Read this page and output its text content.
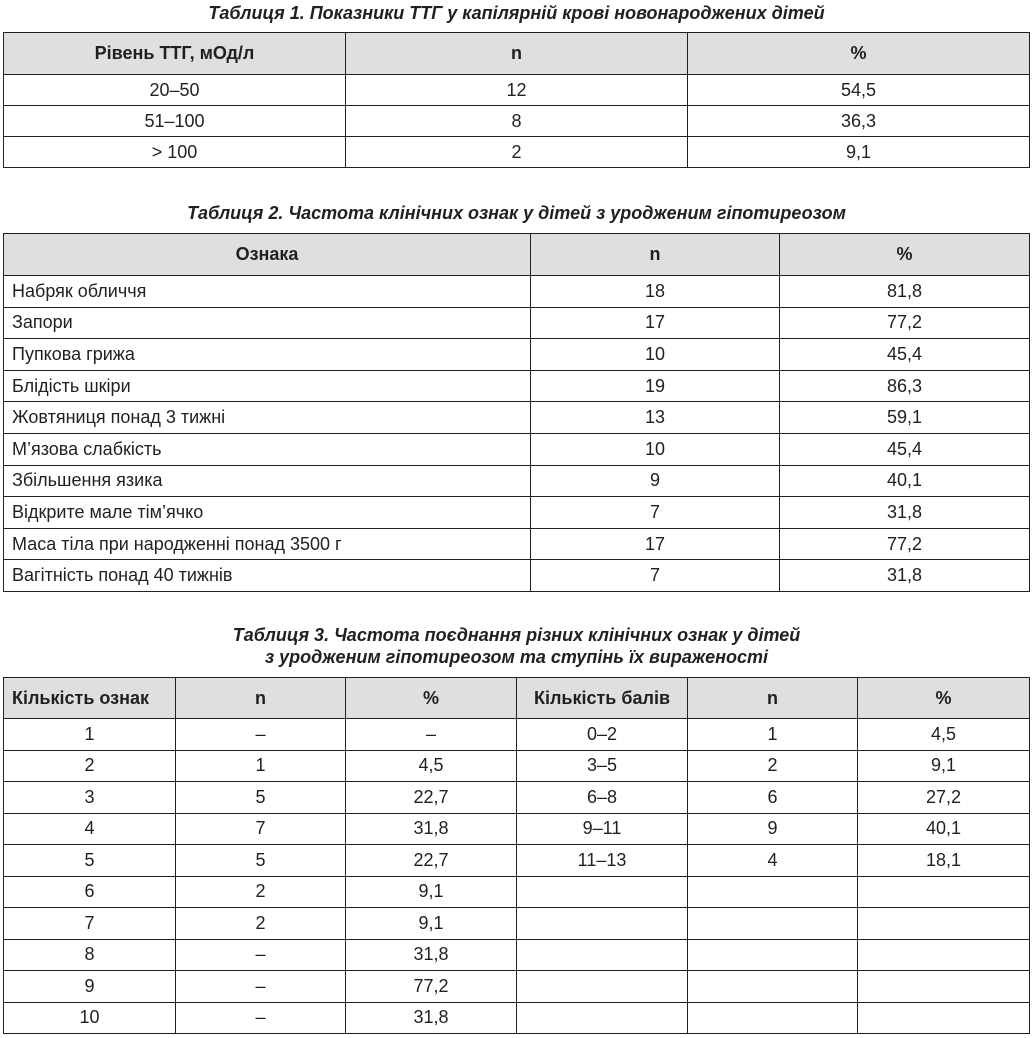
Таблиця 1. Показники ТТГ у капілярній крові новонароджених дітей

Рівень ТТГ, мОд/л	n	%
20–50	12	54,5
51–100	8	36,3
> 100	2	9,1

Таблиця 2. Частота клінічних ознак у дітей з уродженим гіпотиреозом

Ознака	n	%
Набряк обличчя	18	81,8
Запори	17	77,2
Пупкова грижа	10	45,4
Блідість шкіри	19	86,3
Жовтяниця понад 3 тижні	13	59,1
М’язова слабкість	10	45,4
Збільшення язика	9	40,1
Відкрите мале тім’ячко	7	31,8
Маса тіла при народженні понад 3500 г	17	77,2
Вагітність понад 40 тижнів	7	31,8

Таблиця 3. Частота поєднання різних клінічних ознак у дітей

з уродженим гіпотиреозом та ступінь їх вираженості

Кількість ознак	n	%	Кількість балів	n	%
1	–	–	0–2	1	4,5
2	1	4,5	3–5	2	9,1
3	5	22,7	6–8	6	27,2
4	7	31,8	9–11	9	40,1
5	5	22,7	11–13	4	18,1
6	2	9,1			
7	2	9,1			
8	–	31,8			
9	–	77,2			
10	–	31,8			
